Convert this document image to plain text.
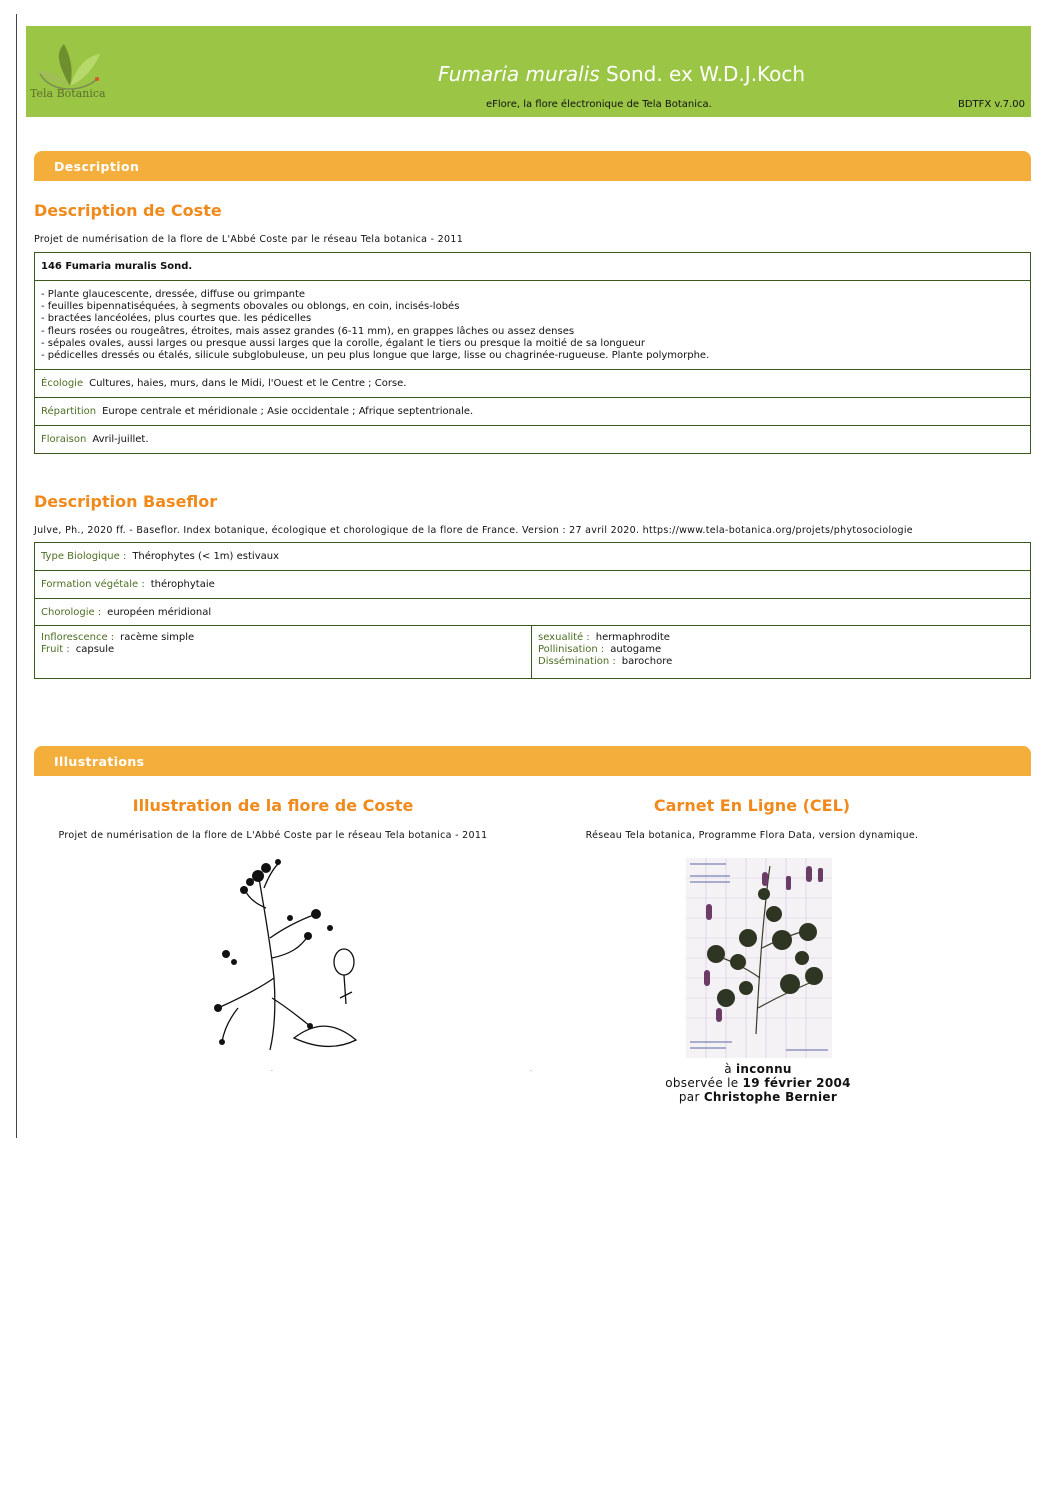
Tela Botanica
Fumaria muralis Sond. ex W.D.J.Koch
eFlore, la flore électronique de Tela Botanica.	BDTFX v.7.00
Description
Description de Coste
Projet de numérisation de la flore de L'Abbé Coste par le réseau Tela botanica - 2011
146 Fumaria muralis Sond.
- Plante glaucescente, dressée, diffuse ou grimpante
- feuilles bipennatiséquées, à segments obovales ou oblongs, en coin, incisés-lobés
- bractées lancéolées, plus courtes que. les pédicelles
- fleurs rosées ou rougeâtres, étroites, mais assez grandes (6-11 mm), en grappes lâches ou assez denses
- sépales ovales, aussi larges ou presque aussi larges que la corolle, égalant le tiers ou presque la moitié de sa longueur
- pédicelles dressés ou étalés, silicule subglobuleuse, un peu plus longue que large, lisse ou chagrinée-rugueuse. Plante polymorphe.
Écologie Cultures, haies, murs, dans le Midi, l'Ouest et le Centre ; Corse.
Répartition Europe centrale et méridionale ; Asie occidentale ; Afrique septentrionale.
Floraison Avril-juillet.
Description Baseflor
Julve, Ph., 2020 ff. - Baseflor. Index botanique, écologique et chorologique de la flore de France. Version : 27 avril 2020. https://www.tela-botanica.org/projets/phytosociologie
Type Biologique : Thérophytes (< 1m) estivaux
Formation végétale : thérophytaie
Chorologie : européen méridional
Inflorescence : racème simple
Fruit : capsule
sexualité : hermaphrodite
Pollinisation : autogame
Dissémination : barochore
Illustrations
Illustration de la flore de Coste
Projet de numérisation de la flore de L'Abbé Coste par le réseau Tela botanica - 2011
·	·
Carnet En Ligne (CEL)
Réseau Tela botanica, Programme Flora Data, version dynamique.
à inconnu
observée le 19 février 2004
par Christophe Bernier
